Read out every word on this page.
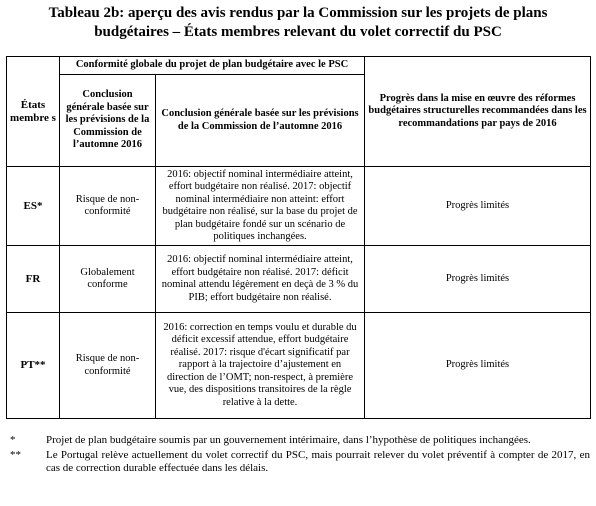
Tableau 2b: aperçu des avis rendus par la Commission sur les projets de plans
budgétaires – États membres relevant du volet correctif du PSC
États membre s	Conformité globale du projet de plan budgétaire avec le PSC		Progrès dans la mise en œuvre des réformes budgétaires structurelles recommandées dans les recommandations par pays de 2016
	Conclusion générale basée sur les prévisions de la Commission de l’automne 2016	Conclusion générale basée sur les prévisions de la Commission de l’automne 2016	
ES*	Risque de non-conformité	2016: objectif nominal intermédiaire atteint, effort budgétaire non réalisé. 2017: objectif nominal intermédiaire non atteint: effort budgétaire non réalisé, sur la base du projet de plan budgétaire fondé sur un scénario de politiques inchangées.	Progrès limités
FR	Globalement conforme	2016: objectif nominal intermédiaire atteint, effort budgétaire non réalisé. 2017: déficit nominal attendu légèrement en deçà de 3 % du PIB; effort budgétaire non réalisé.	Progrès limités
PT**	Risque de non-conformité	2016: correction en temps voulu et durable du déficit excessif attendue, effort budgétaire réalisé. 2017: risque d'écart significatif par rapport à la trajectoire d’ajustement en direction de l’OMT; non-respect, à première vue, des dispositions transitoires de la règle relative à la dette.	Progrès limités
*	Projet de plan budgétaire soumis par un gouvernement intérimaire, dans l’hypothèse de politiques inchangées.
**	Le Portugal relève actuellement du volet correctif du PSC, mais pourrait relever du volet préventif à compter de 2017, en cas de correction durable effectuée dans les délais.
